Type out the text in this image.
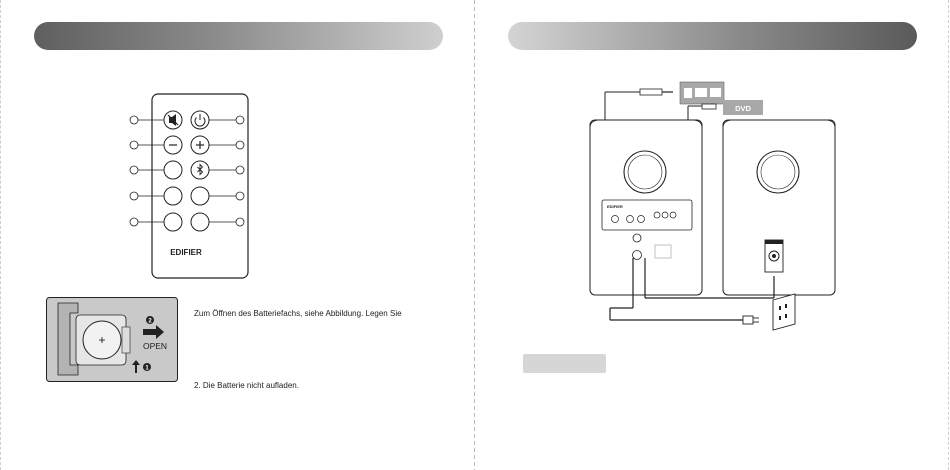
EDIFIER
+
2
OPEN
1
Zum Öffnen des Batteriefachs, siehe Abbildung. Legen Sie
2. Die Batterie nicht aufladen.
DVD
EDIFIER
